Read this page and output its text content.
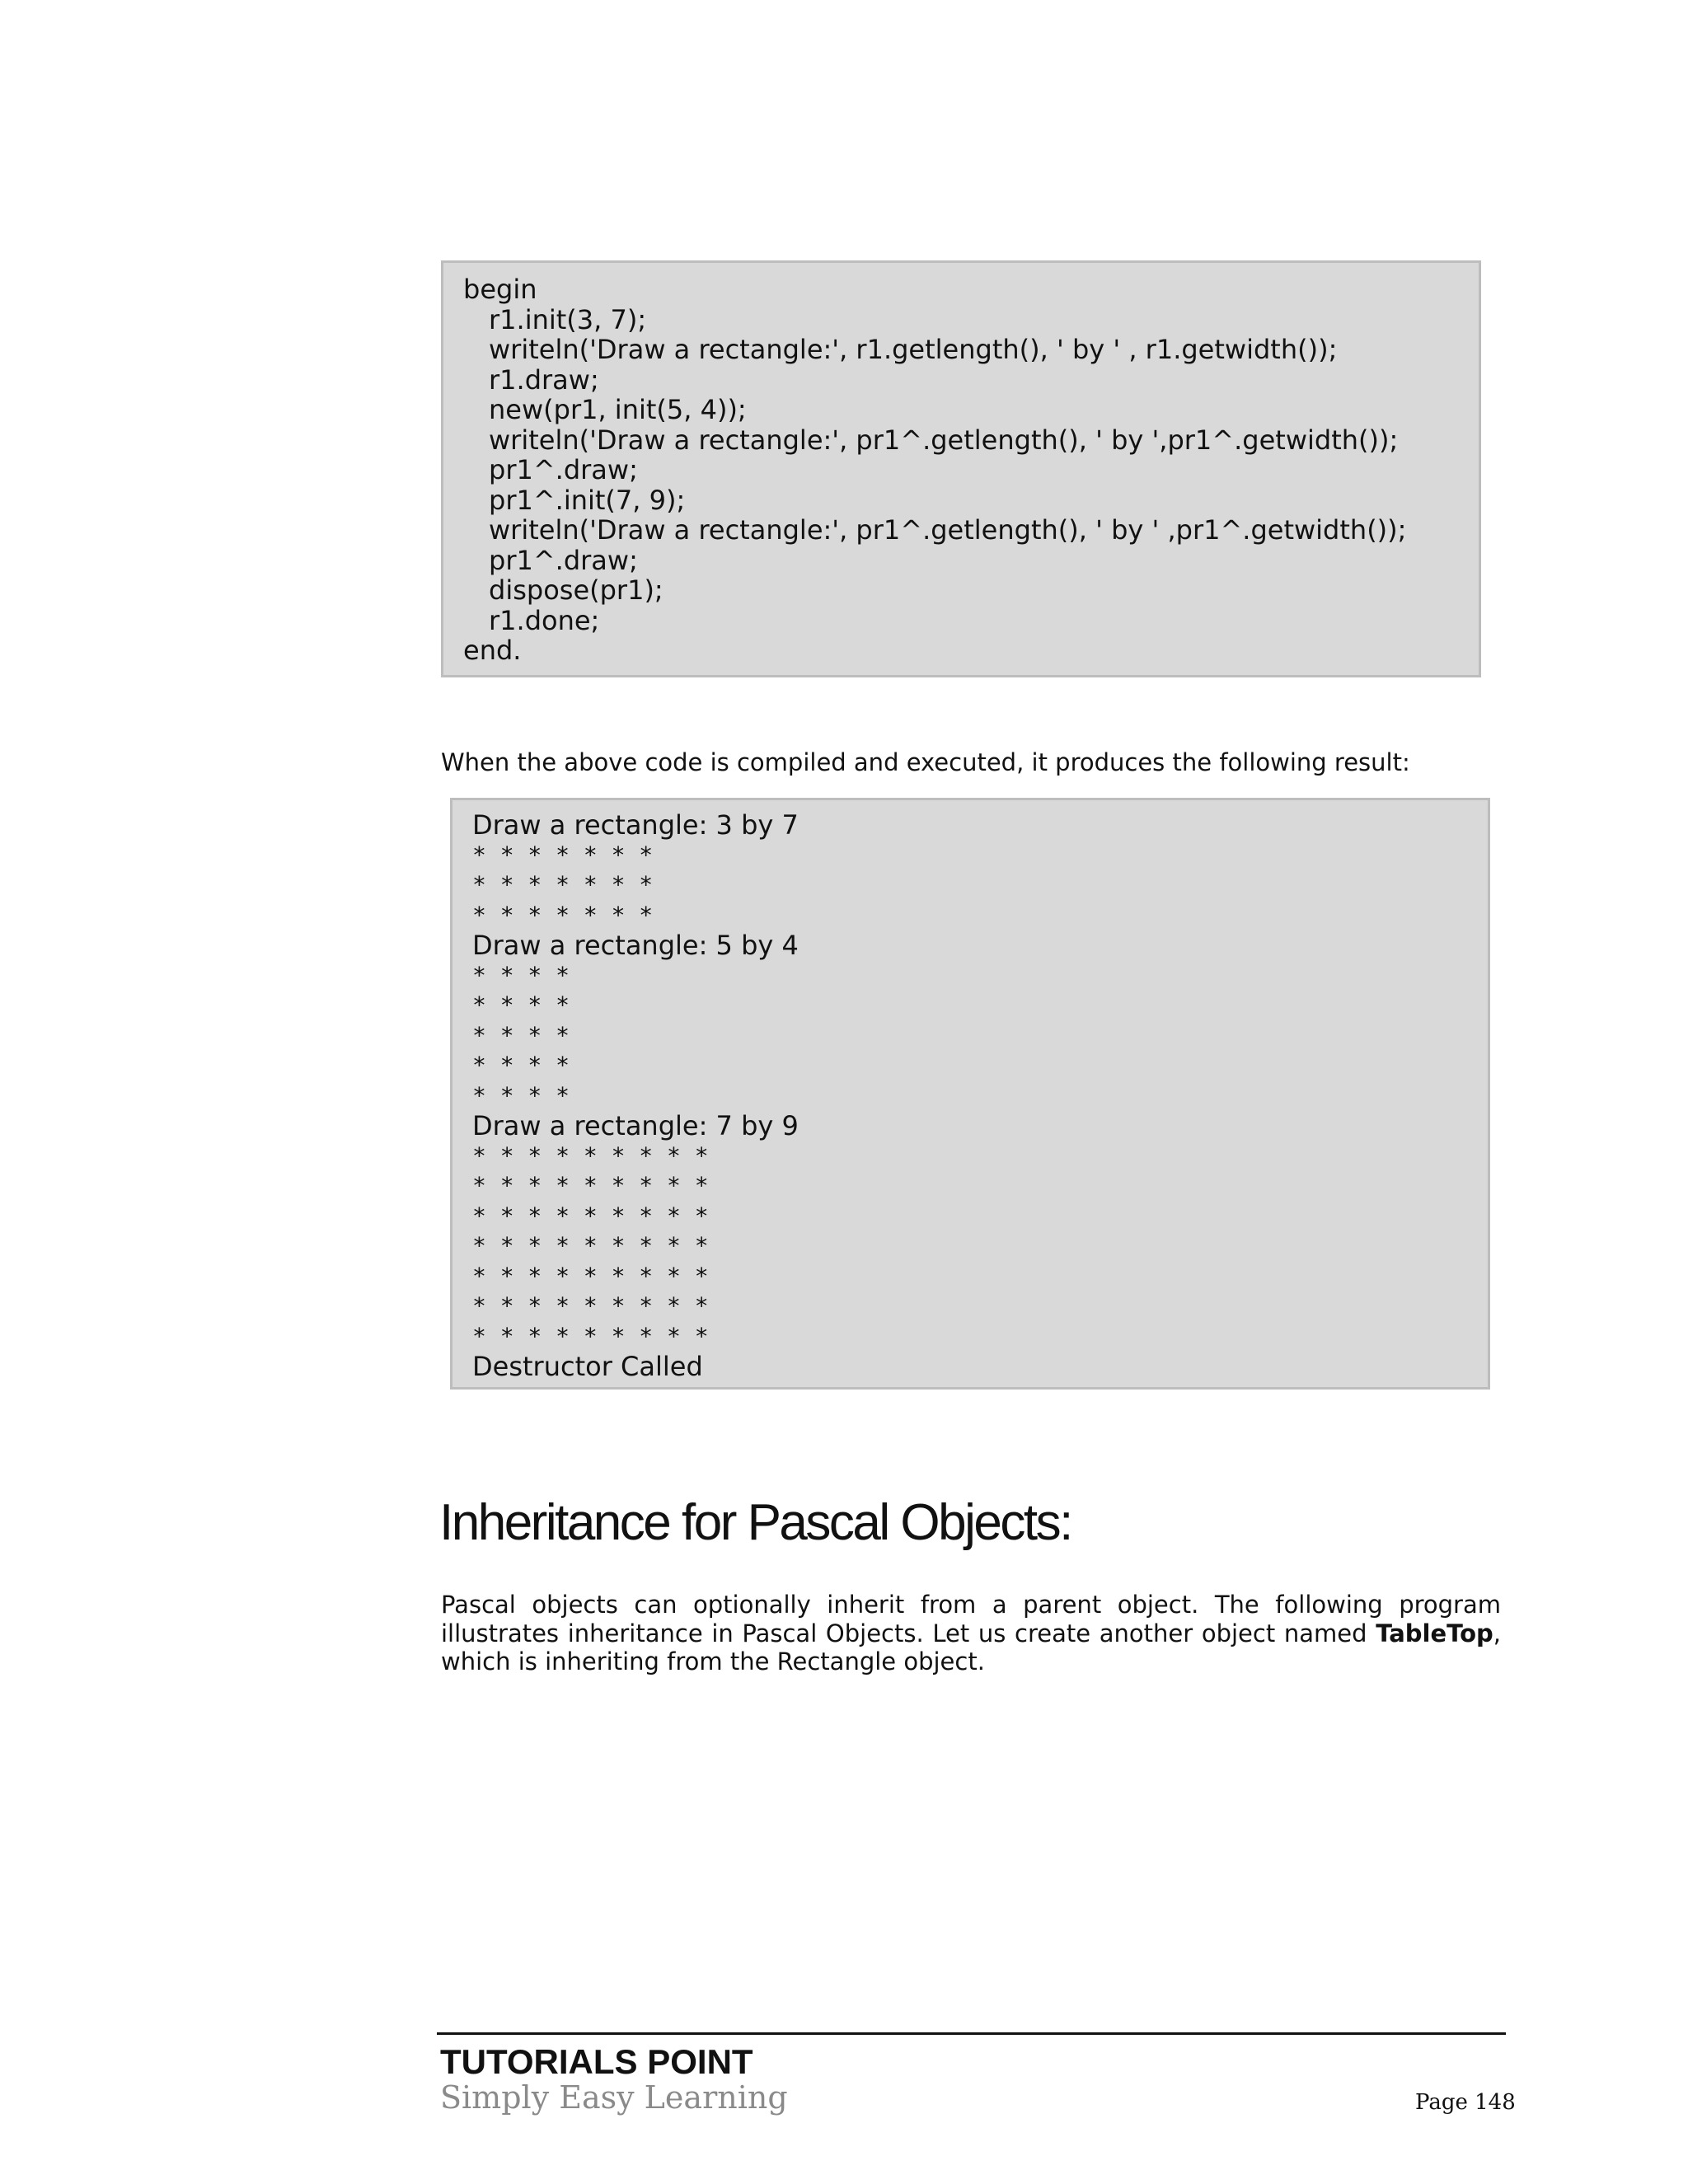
begin
r1.init(3, 7);
writeln('Draw a rectangle:', r1.getlength(), ' by ' , r1.getwidth());
r1.draw;
new(pr1, init(5, 4));
writeln('Draw a rectangle:', pr1^.getlength(), ' by ',pr1^.getwidth());
pr1^.draw;
pr1^.init(7, 9);
writeln('Draw a rectangle:', pr1^.getlength(), ' by ' ,pr1^.getwidth());
pr1^.draw;
dispose(pr1);
r1.done;
end.
When the above code is compiled and executed, it produces the following result:
Draw a rectangle: 3 by 7
* * * * * * *
* * * * * * *
* * * * * * *
Draw a rectangle: 5 by 4
* * * *
* * * *
* * * *
* * * *
* * * *
Draw a rectangle: 7 by 9
* * * * * * * * *
* * * * * * * * *
* * * * * * * * *
* * * * * * * * *
* * * * * * * * *
* * * * * * * * *
* * * * * * * * *
Destructor Called
Inheritance for Pascal Objects:
Pascal objects can optionally inherit from a parent object. The following program illustrates inheritance in Pascal Objects. Let us create another object named TableTop, which is inheriting from the Rectangle object.
TUTORIALS POINT
Simply Easy Learning	Page 148
